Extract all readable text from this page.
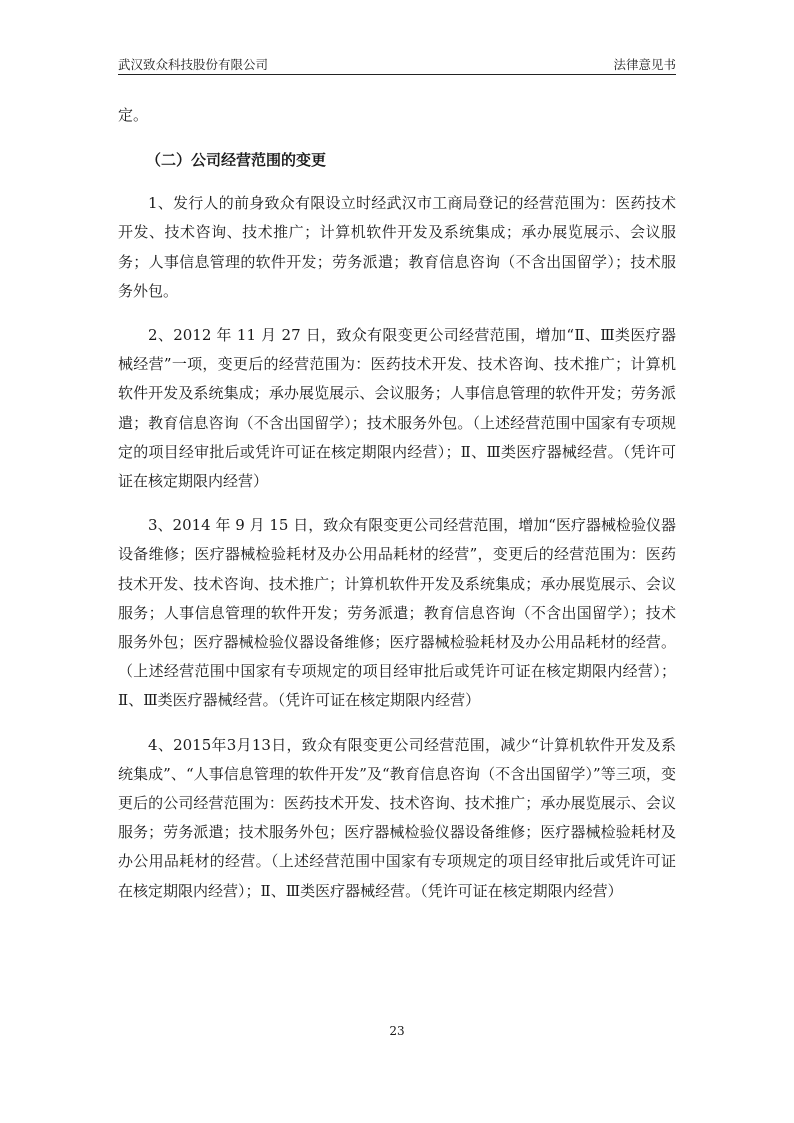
武汉致众科技股份有限公司	法律意见书

定。

（二）公司经营范围的变更

1、发行人的前身致众有限设立时经武汉市工商局登记的经营范围为：医药技术开发、技术咨询、技术推广；计算机软件开发及系统集成；承办展览展示、会议服务；人事信息管理的软件开发；劳务派遣；教育信息咨询（不含出国留学）；技术服务外包。

2、2012 年 11 月 27 日，致众有限变更公司经营范围，增加“Ⅱ、Ⅲ类医疗器械经营”一项，变更后的经营范围为：医药技术开发、技术咨询、技术推广；计算机软件开发及系统集成；承办展览展示、会议服务；人事信息管理的软件开发；劳务派遣；教育信息咨询（不含出国留学）；技术服务外包。（上述经营范围中国家有专项规定的项目经审批后或凭许可证在核定期限内经营）；Ⅱ、Ⅲ类医疗器械经营。（凭许可证在核定期限内经营）

3、2014 年 9 月 15 日，致众有限变更公司经营范围，增加“医疗器械检验仪器设备维修；医疗器械检验耗材及办公用品耗材的经营”，变更后的经营范围为：医药技术开发、技术咨询、技术推广；计算机软件开发及系统集成；承办展览展示、会议服务；人事信息管理的软件开发；劳务派遣；教育信息咨询（不含出国留学）；技术服务外包；医疗器械检验仪器设备维修；医疗器械检验耗材及办公用品耗材的经营。（上述经营范围中国家有专项规定的项目经审批后或凭许可证在核定期限内经营）；Ⅱ、Ⅲ类医疗器械经营。（凭许可证在核定期限内经营）

4、2015年3月13日，致众有限变更公司经营范围，减少“计算机软件开发及系统集成”、“人事信息管理的软件开发”及“教育信息咨询（不含出国留学）”等三项，变更后的公司经营范围为：医药技术开发、技术咨询、技术推广；承办展览展示、会议服务；劳务派遣；技术服务外包；医疗器械检验仪器设备维修；医疗器械检验耗材及办公用品耗材的经营。（上述经营范围中国家有专项规定的项目经审批后或凭许可证在核定期限内经营）；Ⅱ、Ⅲ类医疗器械经营。（凭许可证在核定期限内经营）

23
